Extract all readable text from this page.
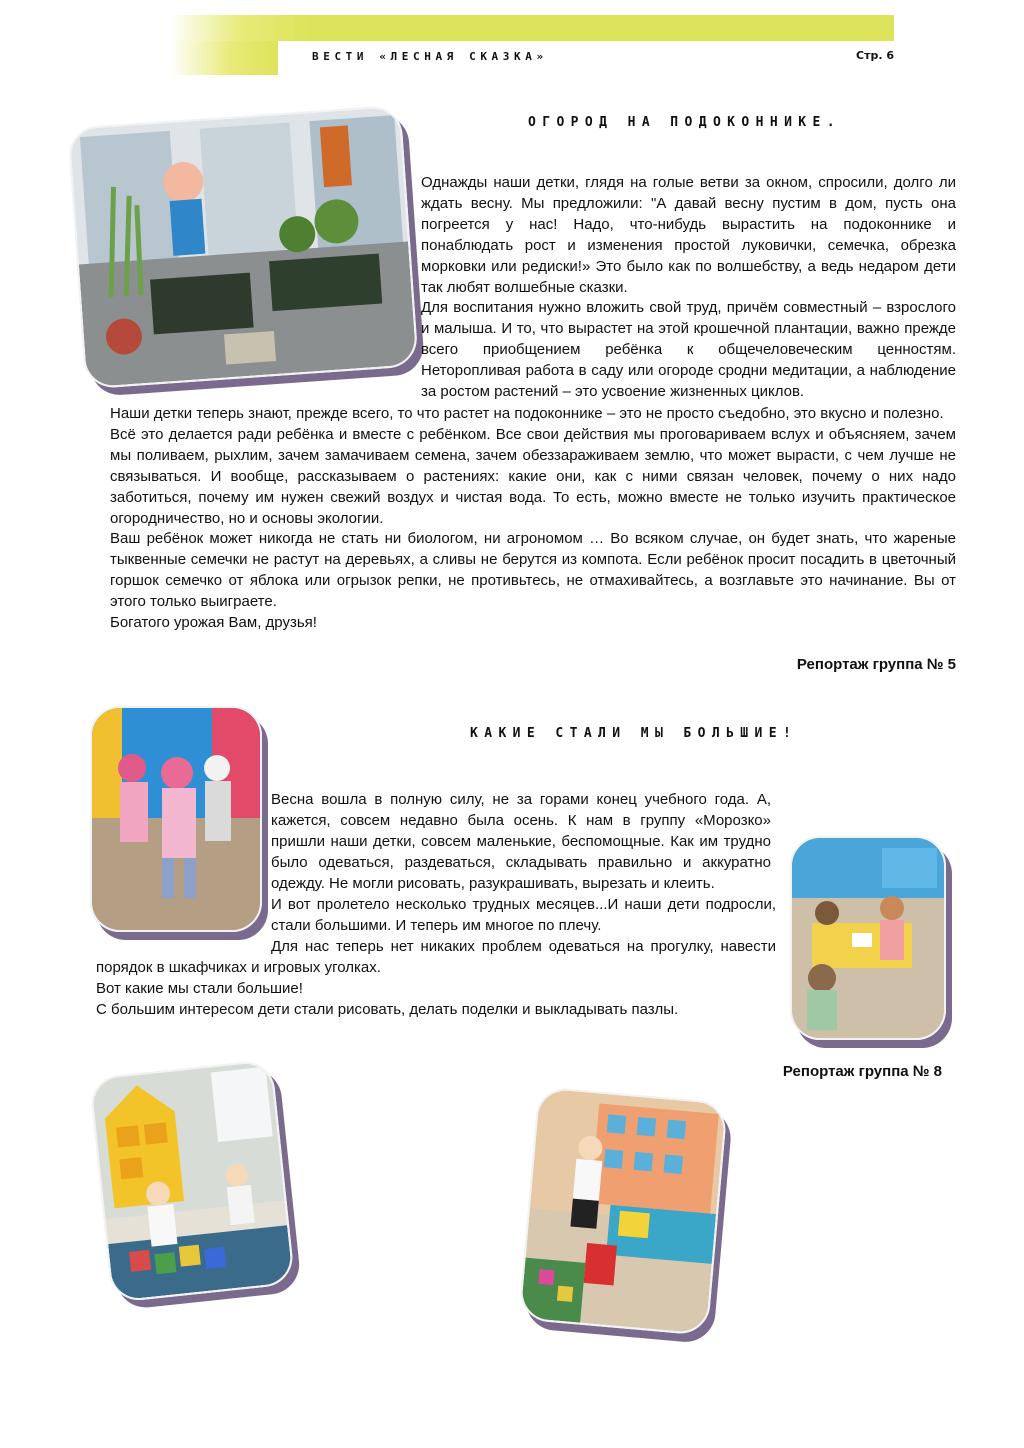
ВЕСТИ «ЛЕСНАЯ СКАЗКА»	Стр. 6
ОГОРОД НА ПОДОКОННИКЕ.

Однажды наши детки, глядя на голые ветви за окном, спросили, долго ли ждать весну. Мы предложили: "А давай весну пустим в дом, пусть она погреется у нас! Надо, что-нибудь вырастить на подоконнике и понаблюдать рост и изменения простой луковички, семечка, обрезка морковки или редиски!» Это было как по волшебству, а ведь недаром дети так любят волшебные сказки.

Для воспитания нужно вложить свой труд, причём совместный – взрослого и малыша. И то, что вырастет на этой крошечной плантации, важно прежде всего приобщением ребёнка к общечеловеческим ценностям. Неторопливая работа в саду или огороде сродни медитации, а наблюдение за ростом растений – это усвоение жизненных циклов.

Наши детки теперь знают, прежде всего, то что растет на подоконнике – это не просто съедобно, это вкусно и полезно.

Всё это делается ради ребёнка и вместе с ребёнком. Все свои действия мы проговариваем вслух и объясняем, зачем мы поливаем, рыхлим, зачем замачиваем семена, зачем обеззараживаем землю, что может вырасти, с чем лучше не связываться. И вообще, рассказываем о растениях: какие они, как с ними связан человек, почему о них надо заботиться, почему им нужен свежий воздух и чистая вода. То есть, можно вместе не только изучить практическое огородничество, но и основы экологии.

Ваш ребёнок может никогда не стать ни биологом, ни агрономом … Во всяком случае, он будет знать, что жареные тыквенные семечки не растут на деревьях, а сливы не берутся из компота. Если ребёнок просит посадить в цветочный горшок семечко от яблока или огрызок репки, не противьтесь, не отмахивайтесь, а возглавьте это начинание. Вы от этого только выиграете.

Богатого урожая Вам, друзья!

Репортаж группа № 5
КАКИЕ СТАЛИ МЫ БОЛЬШИЕ!

Весна вошла в полную силу, не за горами конец учебного года. А, кажется, совсем недавно была осень. К нам в группу «Морозко» пришли наши детки, совсем маленькие, беспомощные. Как им трудно было одеваться, раздеваться, складывать правильно и аккуратно одежду. Не могли рисовать, разукрашивать, вырезать и клеить.

И вот пролетело несколько трудных месяцев...И наши дети подросли, стали большими. И теперь им многое по плечу.

Для нас теперь нет никаких проблем одеваться на прогулку, навести порядок в шкафчиках и игровых уголках.

Вот какие мы стали большие!

С большим интересом дети стали рисовать, делать поделки и выкладывать пазлы.

Репортаж группа № 8
